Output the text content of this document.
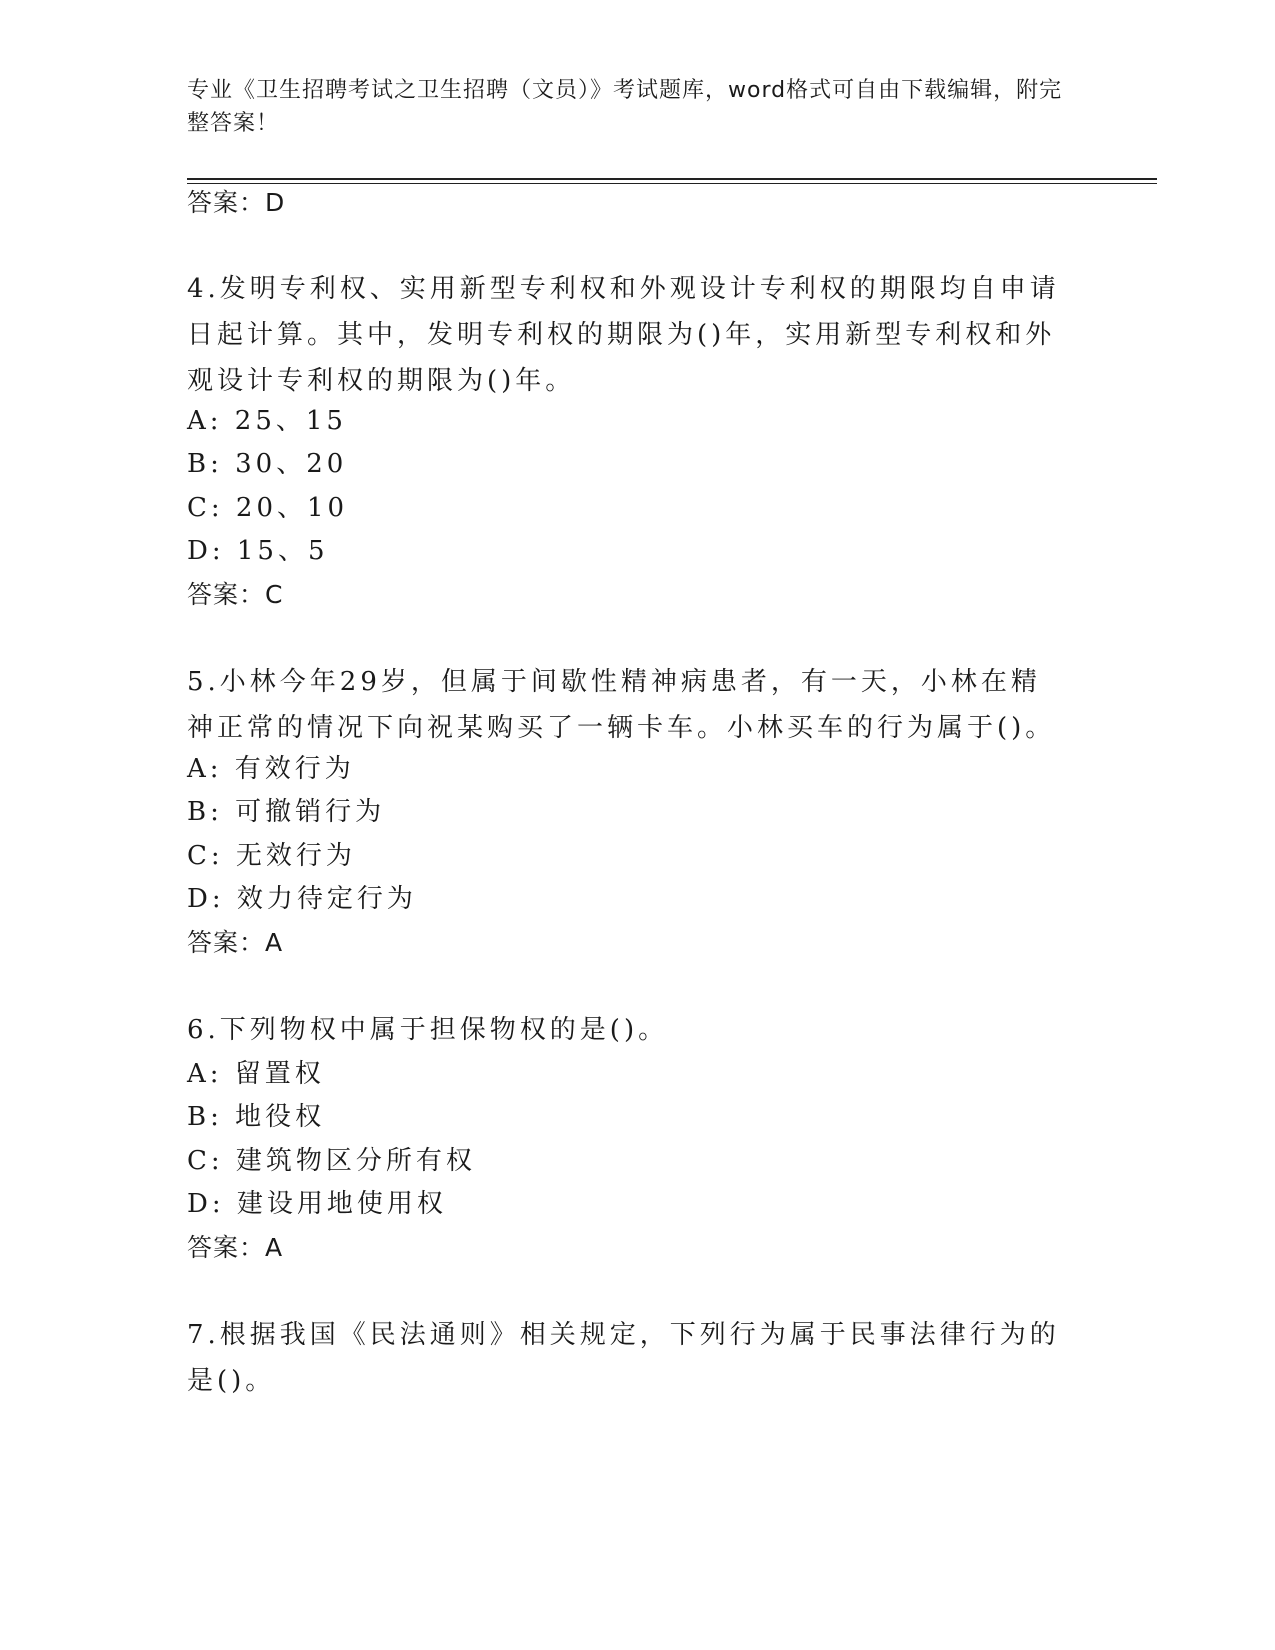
专业《卫生招聘考试之卫生招聘（文员）》考试题库，word格式可自由下载编辑，附完整答案！
答案：D
4.发明专利权、实用新型专利权和外观设计专利权的期限均自申请日起计算。其中，发明专利权的期限为()年，实用新型专利权和外观设计专利权的期限为()年。
A: 25、15
B: 30、20
C: 20、10
D: 15、5
答案：C
5.小林今年29岁，但属于间歇性精神病患者，有一天，小林在精神正常的情况下向祝某购买了一辆卡车。小林买车的行为属于()。
A: 有效行为
B: 可撤销行为
C: 无效行为
D: 效力待定行为
答案：A
6.下列物权中属于担保物权的是()。
A: 留置权
B: 地役权
C: 建筑物区分所有权
D: 建设用地使用权
答案：A
7.根据我国《民法通则》相关规定，下列行为属于民事法律行为的是()。
